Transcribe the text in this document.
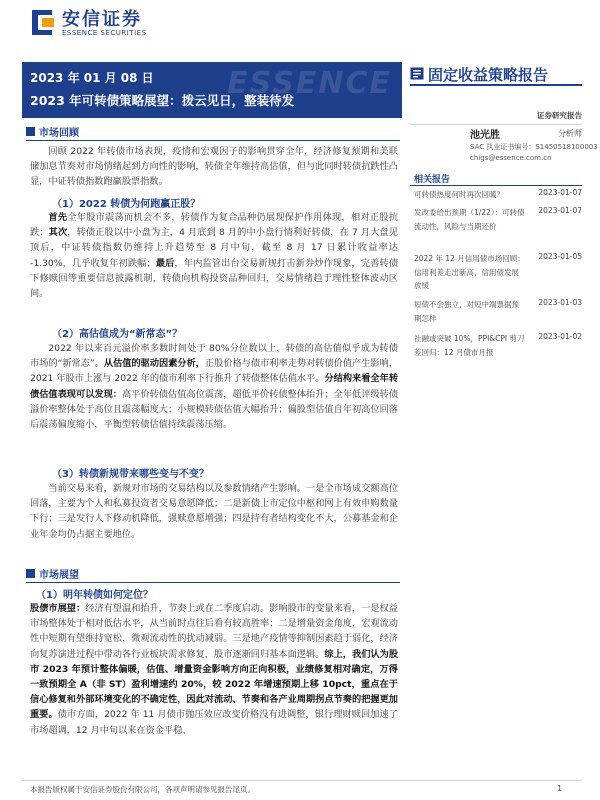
安信证券
ESSENCE SECURITIES
ESSENCE
2023 年 01 月 08 日
2023 年可转债策略展望：拨云见日，整装待发
固定收益策略报告
证券研究报告
池光胜	分析师
SAC 执业证书编号：S1450518100003
chigs@essence.com.cn
相关报告
可转债热度何时再次回暖？	2023-01-07
发改委给出预期（1/22）：可转债流动性，风险与当期还价
2023-01-07
2022 年 12 月信用债市场回顾：信用利差走出新高，信用债发展放缓
2023-01-05
短债不会独立，对短中端票据预期怎样
2023-01-03
社融或突破 10%，PPI&CPI 剪刀差回归：12 月债市月报
2023-01-02
市场回顾
回顾 2022 年转债市场表现，疫情和宏观因子的影响贯穿全年，经济修复预期和美联储加息节奏对市场情绪起到方向性的影响，转债全年维持高估值，但与此同时转债抗跌性凸显，中证转债指数跑赢股票指数。
（1）2022 转债为何跑赢正股？
首先全年股市震荡而机会不多，转债作为复合品种仍展现保护作用体现，相对正股抗跌；其次，转债正股以中小盘为主，4 月底到 8 月的中小盘行情利好转债，在 7 月大盘见顶后，中证转债指数仍维持上升趋势至 8 月中旬，截至 8 月 17 日累计收益率达 -1.30%，几乎收复年初跌幅；最后，年内监管出台交易新规打击新券炒作现象，完善转债下修赎回等重要信息披露机制，转债向机构投资品种回归，交易情绪趋于理性整体波动区间。
（2）高估值成为“新常态”？
2022 年以来百元溢价率多数时间处于 80%分位数以上，转债的高估值似乎成为转债市场的“新常态”。从估值的驱动因素分析，正股价格与债市利率走势对转债价值产生影响，2021 年股市上涨与 2022 年的债市利率下行推升了转债整体估值水平。分结构来看全年转债估值表现可以发现：高平价转债估值高位震荡，超低平价转债整体抬升；全年低评级转债溢价率整体处于高位且震荡幅度大；小规模转债估值大幅抬升；偏股型估值自年初高位回落后震荡偏度缩小，平衡型转债估值持续震荡压缩。
（3）转债新规带来哪些变与不变？
当前交易来看，新规对市场的交易结构以及参数情绪产生影响。一是全市场成交额高位回落，主要为个人和私募投资者交易意愿降低；二是新债上市定位中枢和网上有效申购数量下行；三是发行人下修动机降低，强赎意愿增强；四是持有者结构变化不大，公募基金和企业年金均仍占据主要地位。
市场展望
（1）明年转债如何定位？
股债市展望：经济有望温和抬升，节奏上或在二季度启动。影响股市的变量来看，一是权益市场整体处于相对低估水平，从当前时点往后看有较高胜率；二是增量资金角度，宏观流动性中短期有望维持宽松，微观流动性的扰动减弱。三是地产疫情等抑制因素趋于弱化，经济向复苏演进过程中带动各行业板块需求修复，股市逐渐回归基本面逻辑。综上，我们认为股市 2023 年预计整体偏暖，估值、增量资金影响方向正向积极，业绩修复相对确定，万得一致预期全 A（非 ST）盈利增速约 20%，较 2022 年增速预期上移 10pct，重点在于信心修复和外部环境变化的不确定性，因此对流动、节奏和各产业周期拐点节奏的把握更加重要。债市方面，2022 年 11 月债市抛压效应改变价格没有进调整，银行理财赎回加速了市场超调，12 月中旬以来在资金平稳、
本报告版权属于安信证券股份有限公司，各项声明请参见报告尾页。	1
